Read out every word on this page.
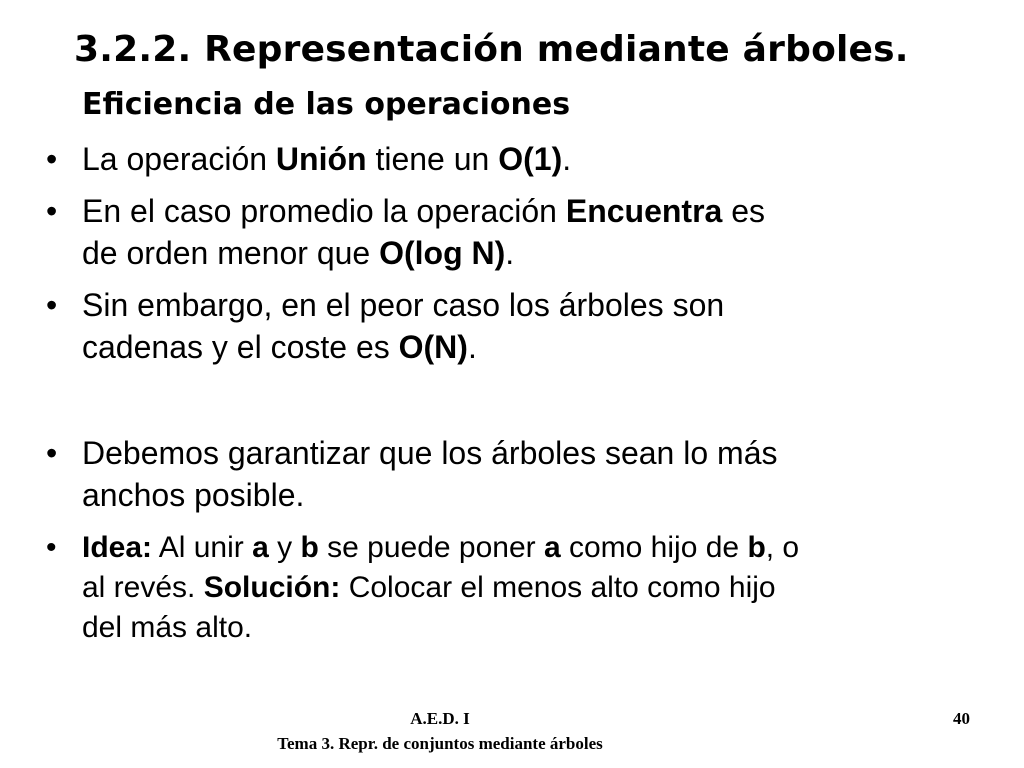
3.2.2. Representación mediante árboles.
Eficiencia de las operaciones
• La operación Unión tiene un O(1).
• En el caso promedio la operación Encuentra es
de orden menor que O(log N).
• Sin embargo, en el peor caso los árboles son
cadenas y el coste es O(N).
• Debemos garantizar que los árboles sean lo más
anchos posible.
• Idea: Al unir a y b se puede poner a como hijo de b, o
al revés. Solución: Colocar el menos alto como hijo
del más alto.
A.E.D. I
Tema 3. Repr. de conjuntos mediante árboles
40
